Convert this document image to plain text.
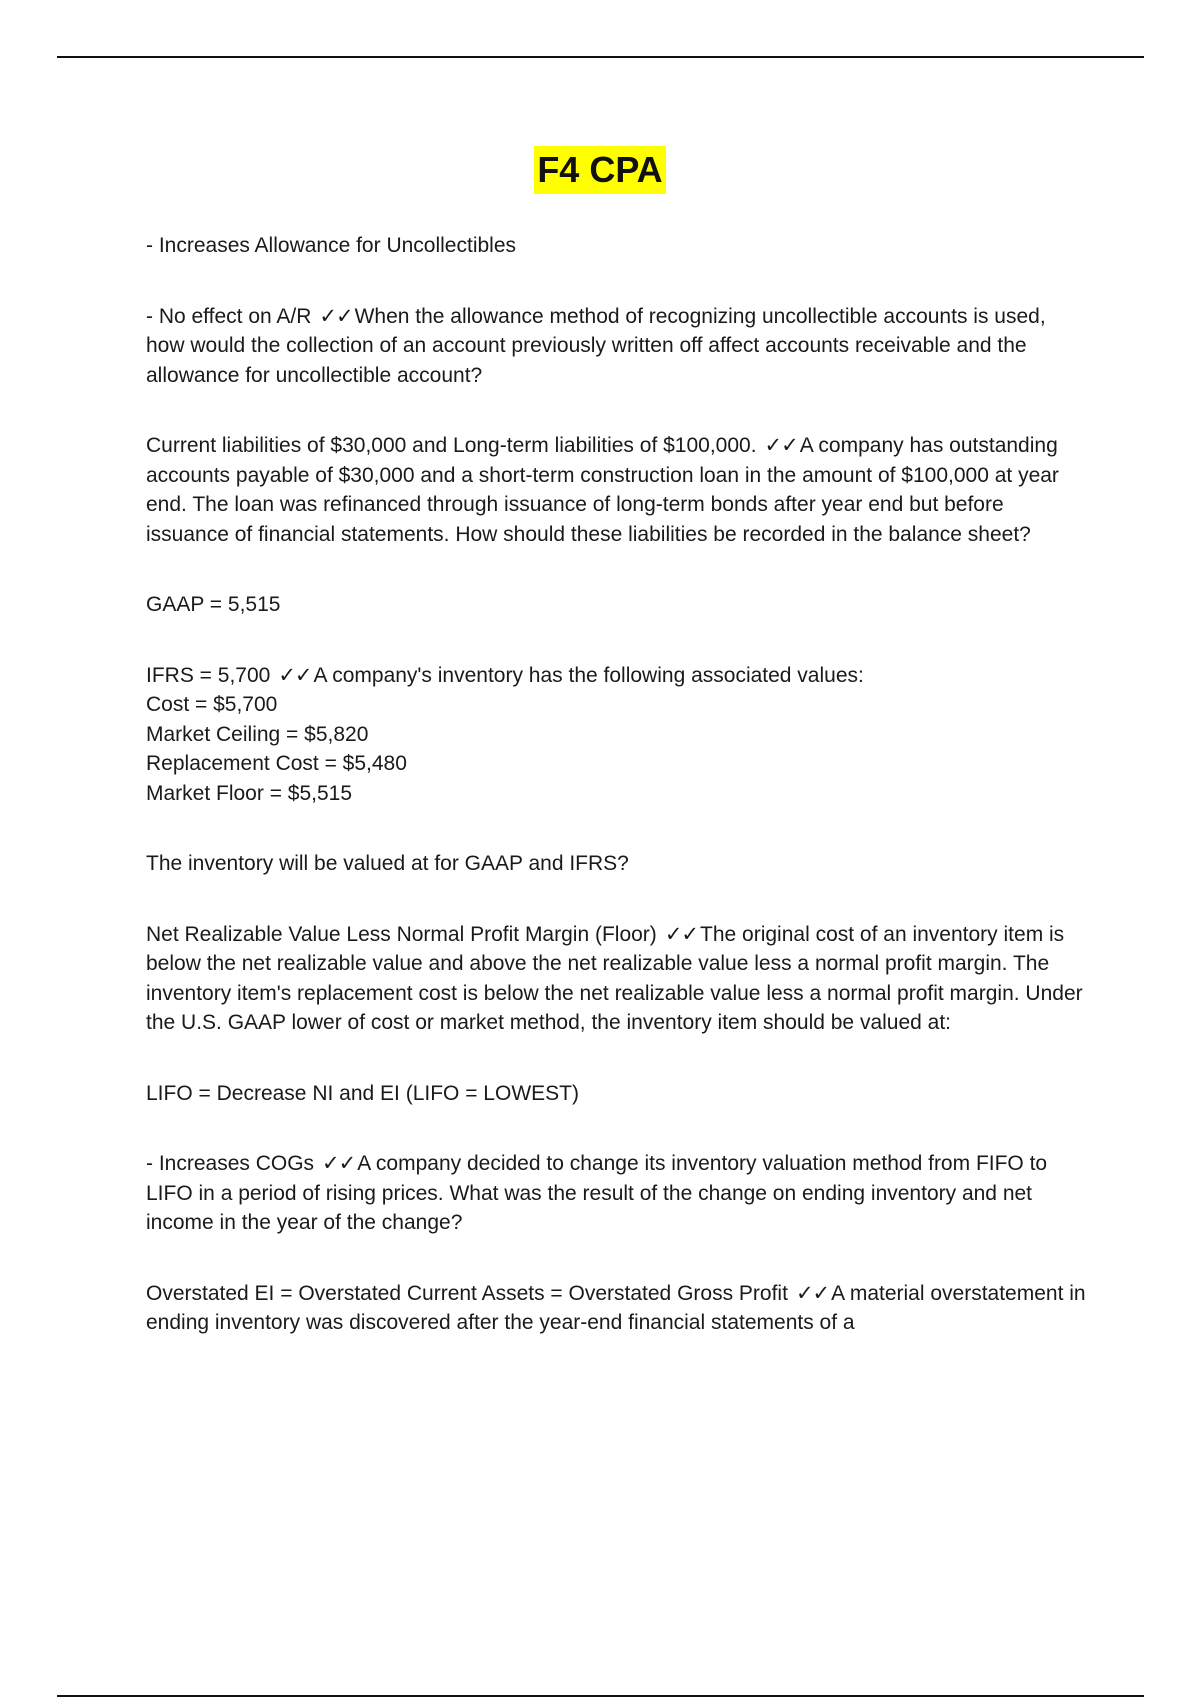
F4 CPA

- Increases Allowance for Uncollectibles

- No effect on A/R ✓✓When the allowance method of recognizing uncollectible accounts is used, how would the collection of an account previously written off affect accounts receivable and the allowance for uncollectible account?

Current liabilities of $30,000 and Long-term liabilities of $100,000. ✓✓A company has outstanding accounts payable of $30,000 and a short-term construction loan in the amount of $100,000 at year end. The loan was refinanced through issuance of long-term bonds after year end but before issuance of financial statements. How should these liabilities be recorded in the balance sheet?

GAAP = 5,515

IFRS = 5,700 ✓✓A company's inventory has the following associated values:
Cost = $5,700
Market Ceiling = $5,820
Replacement Cost = $5,480
Market Floor = $5,515

The inventory will be valued at for GAAP and IFRS?

Net Realizable Value Less Normal Profit Margin (Floor) ✓✓The original cost of an inventory item is below the net realizable value and above the net realizable value less a normal profit margin. The inventory item's replacement cost is below the net realizable value less a normal profit margin. Under the U.S. GAAP lower of cost or market method, the inventory item should be valued at:

LIFO = Decrease NI and EI (LIFO = LOWEST)

- Increases COGs ✓✓A company decided to change its inventory valuation method from FIFO to LIFO in a period of rising prices. What was the result of the change on ending inventory and net income in the year of the change?

Overstated EI = Overstated Current Assets = Overstated Gross Profit ✓✓A material overstatement in ending inventory was discovered after the year-end financial statements of a
